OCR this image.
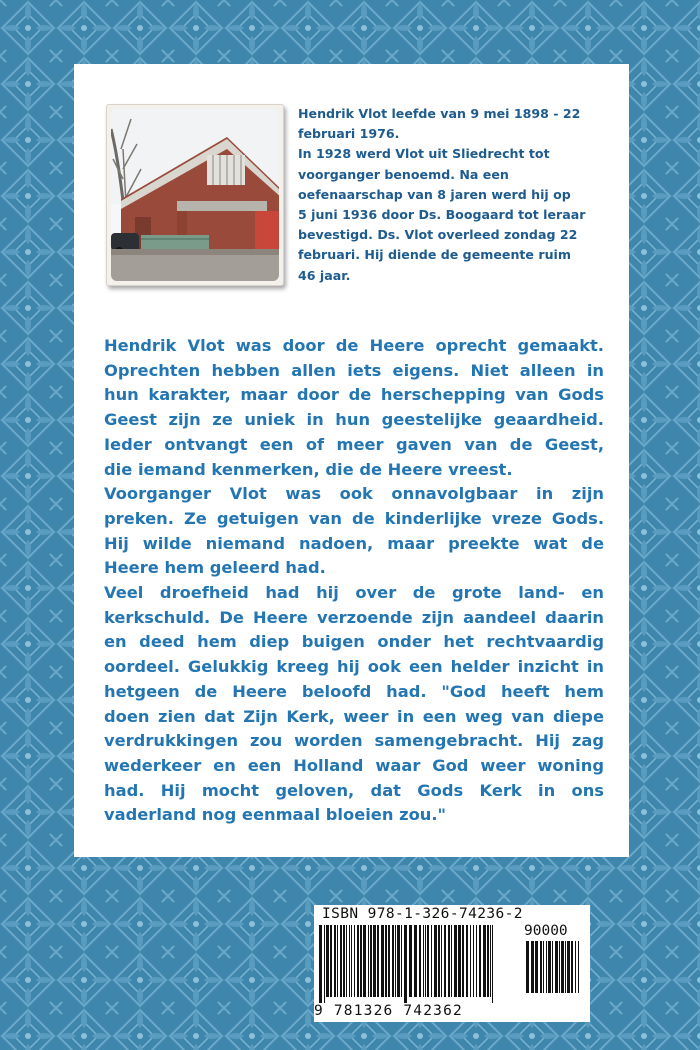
Hendrik Vlot leefde van 9 mei 1898 - 22
februari 1976.
In 1928 werd Vlot uit Sliedrecht tot
voorganger benoemd. Na een
oefenaarschap van 8 jaren werd hij op
5 juni 1936 door Ds. Boogaard tot leraar
bevestigd. Ds. Vlot overleed zondag 22
februari. Hij diende de gemeente ruim
46 jaar.
Hendrik Vlot was door de Heere oprecht gemaakt.
Oprechten hebben allen iets eigens. Niet alleen in
hun karakter, maar door de herschepping van Gods
Geest zijn ze uniek in hun geestelijke geaardheid.
Ieder ontvangt een of meer gaven van de Geest,
die iemand kenmerken, die de Heere vreest.
Voorganger Vlot was ook onnavolgbaar in zijn
preken. Ze getuigen van de kinderlijke vreze Gods.
Hij wilde niemand nadoen, maar preekte wat de
Heere hem geleerd had.
Veel droefheid had hij over de grote land- en
kerkschuld. De Heere verzoende zijn aandeel daarin
en deed hem diep buigen onder het rechtvaardig
oordeel. Gelukkig kreeg hij ook een helder inzicht in
hetgeen de Heere beloofd had. "God heeft hem
doen zien dat Zijn Kerk, weer in een weg van diepe
verdrukkingen zou worden samengebracht. Hij zag
wederkeer en een Holland waar God weer woning
had. Hij mocht geloven, dat Gods Kerk in ons
vaderland nog eenmaal bloeien zou."
ISBN 978-1-326-74236-2
90000
9 781326 742362
